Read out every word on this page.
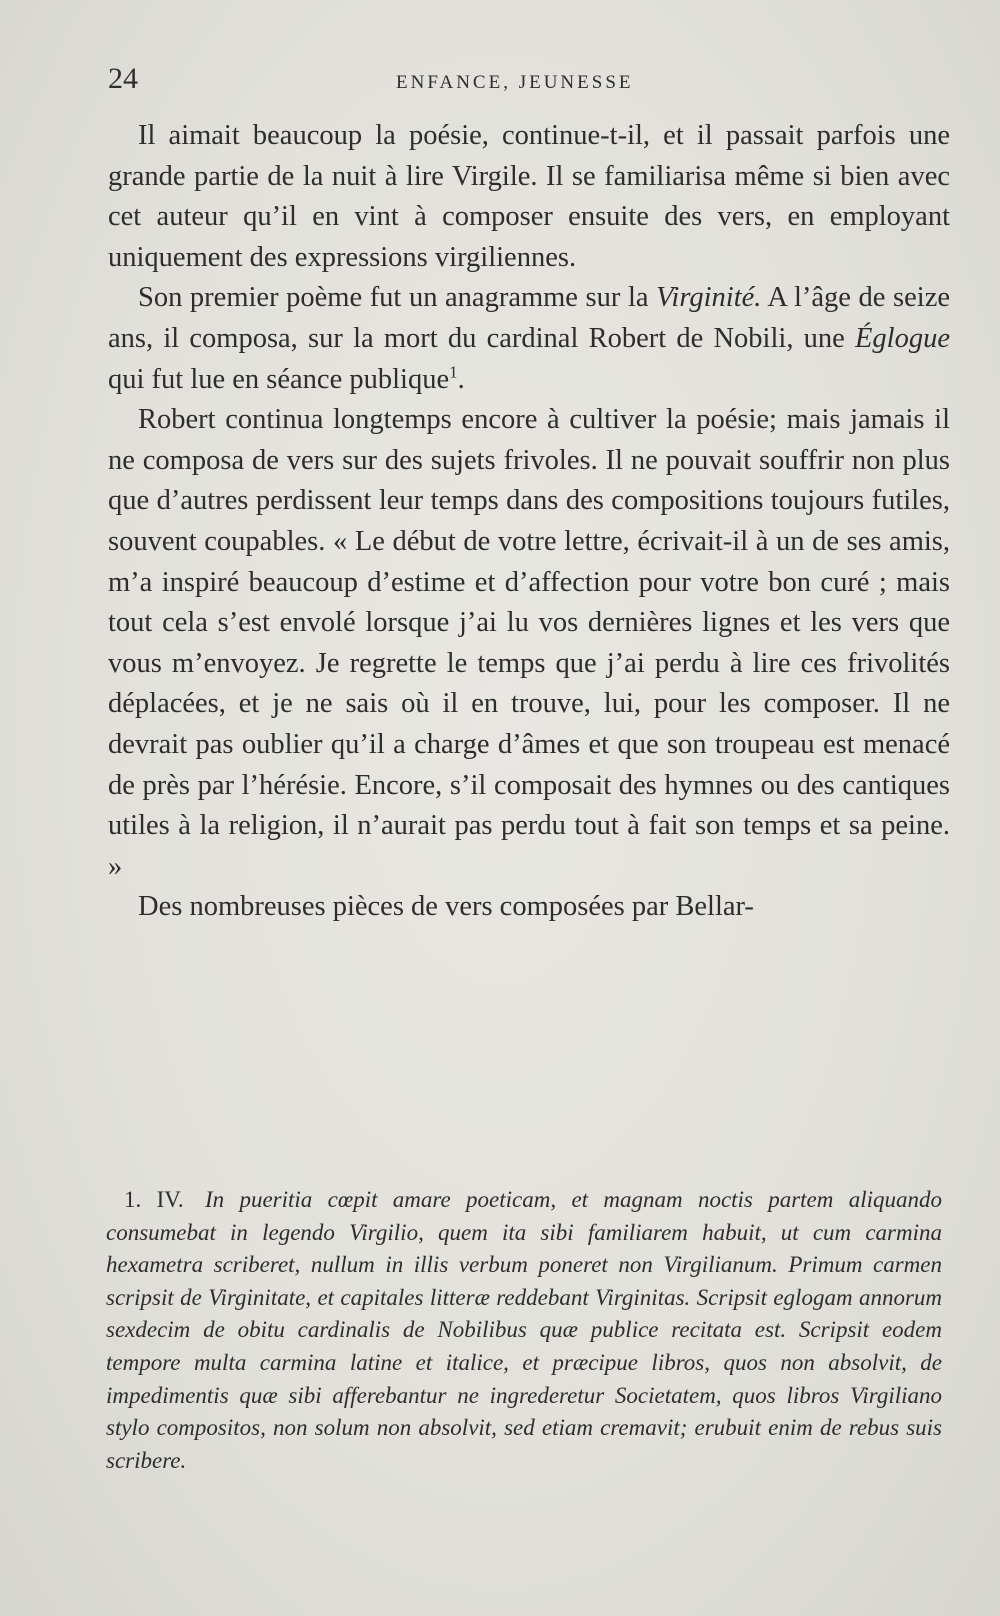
24	ENFANCE, JEUNESSE

Il aimait beaucoup la poésie, continue-t-il, et il passait parfois une grande partie de la nuit à lire Virgile. Il se familiarisa même si bien avec cet auteur qu’il en vint à composer ensuite des vers, en employant uniquement des expressions virgiliennes.

Son premier poème fut un anagramme sur la Virginité. A l’âge de seize ans, il composa, sur la mort du cardinal Robert de Nobili, une Églogue qui fut lue en séance publique$^1$.

Robert continua longtemps encore à cultiver la poésie; mais jamais il ne composa de vers sur des sujets frivoles. Il ne pouvait souffrir non plus que d’autres perdissent leur temps dans des compositions toujours futiles, souvent coupables. « Le début de votre lettre, écrivait-il à un de ses amis, m’a inspiré beaucoup d’estime et d’affection pour votre bon curé ; mais tout cela s’est envolé lorsque j’ai lu vos dernières lignes et les vers que vous m’envoyez. Je regrette le temps que j’ai perdu à lire ces frivolités déplacées, et je ne sais où il en trouve, lui, pour les composer. Il ne devrait pas oublier qu’il a charge d’âmes et que son troupeau est menacé de près par l’hérésie. Encore, s’il composait des hymnes ou des cantiques utiles à la religion, il n’aurait pas perdu tout à fait son temps et sa peine. »

Des nombreuses pièces de vers composées par Bellar-

1. IV. In pueritia cœpit amare poeticam, et magnam noctis partem aliquando consumebat in legendo Virgilio, quem ita sibi familiarem habuit, ut cum carmina hexametra scriberet, nullum in illis verbum poneret non Virgilianum. Primum carmen scripsit de Virginitate, et capitales litteræ reddebant Virginitas. Scripsit eglogam annorum sexdecim de obitu cardinalis de Nobilibus quæ publice recitata est. Scripsit eodem tempore multa carmina latine et italice, et præcipue libros, quos non absolvit, de impedimentis quæ sibi afferebantur ne ingrederetur Societatem, quos libros Virgiliano stylo compositos, non solum non absolvit, sed etiam cremavit; erubuit enim de rebus suis scribere.
